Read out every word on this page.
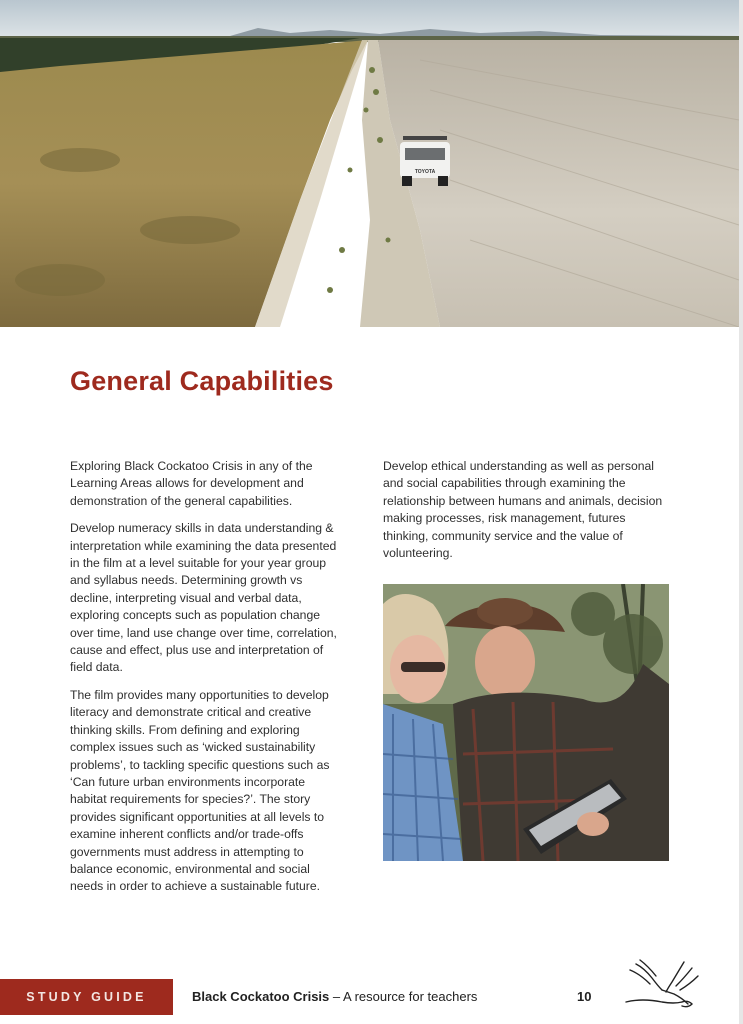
TOYOTA
General Capabilities

Exploring Black Cockatoo Crisis in any of the Learning Areas allows for development and demonstration of the general capabilities.

Develop numeracy skills in data understanding & interpretation while examining the data presented in the film at a level suitable for your year group and syllabus needs. Determining growth vs decline, interpreting visual and verbal data, exploring concepts such as population change over time, land use change over time, correlation, cause and effect, plus use and interpretation of field data.

The film provides many opportunities to develop literacy and demonstrate critical and creative thinking skills. From defining and exploring complex issues such as ‘wicked sustainability problems’, to tackling specific questions such as ‘Can future urban environments incorporate habitat requirements for species?’. The story provides significant opportunities at all levels to examine inherent conflicts and/or trade-offs governments must address in attempting to balance economic, environmental and social needs in order to achieve a sustainable future.

Develop ethical understanding as well as personal and social capabilities through examining the relationship between humans and animals, decision making processes, risk management, futures thinking, community service and the value of volunteering.

STUDY GUIDE	Black Cockatoo Crisis – A resource for teachers	10
